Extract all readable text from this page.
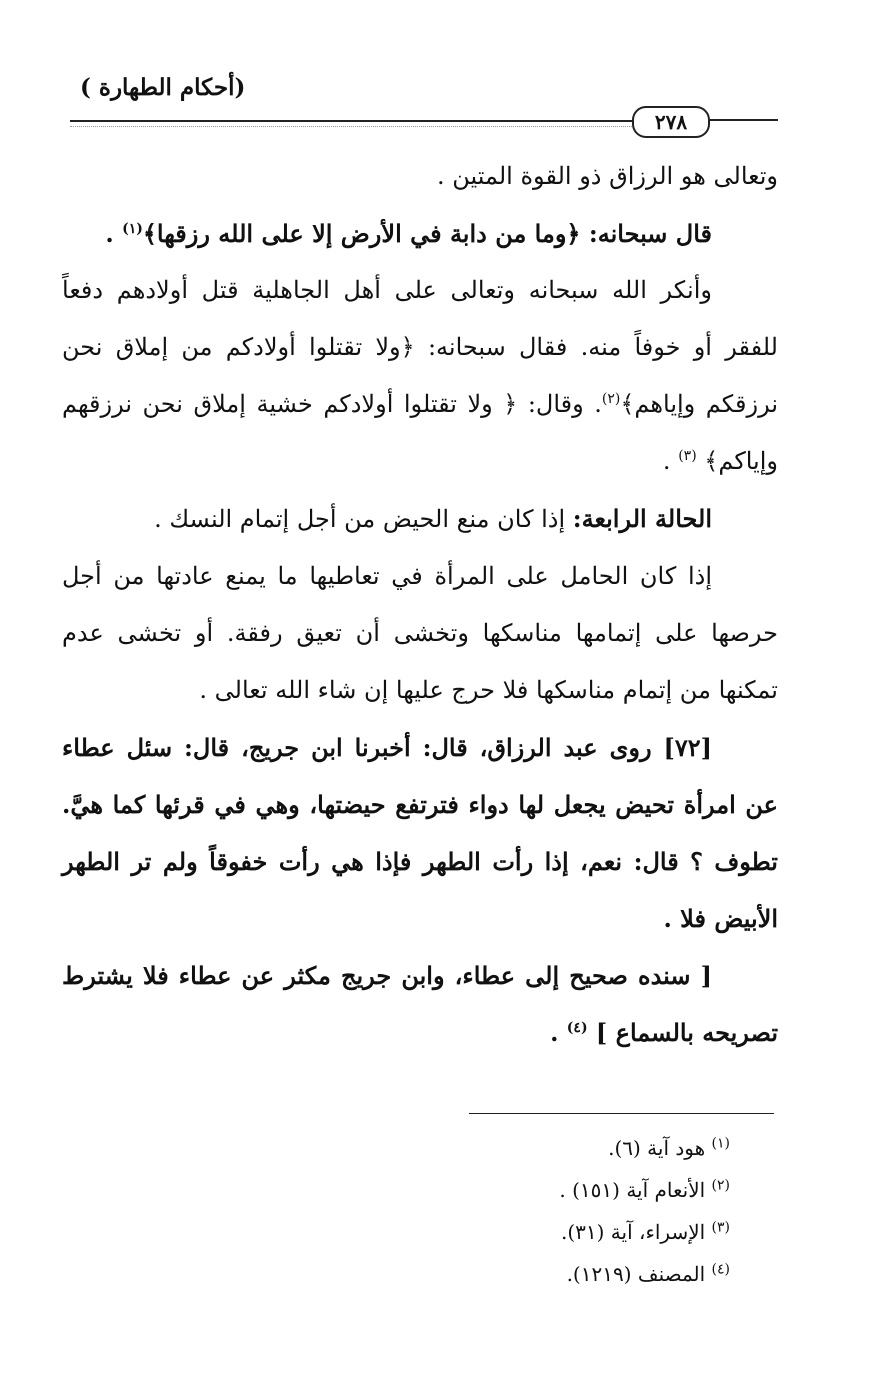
(أحكام الطهارة )
٢٧٨

وتعالى هو الرزاق ذو القوة المتين .

قال سبحانه: ﴿وما من دابة في الأرض إلا على الله رزقها﴾$^{(١)}$ .

وأنكر الله سبحانه وتعالى على أهل الجاهلية قتل أولادهم دفعاً للفقر أو خوفاً منه. فقال سبحانه: ﴿ولا تقتلوا أولادكم من إملاق نحن نرزقكم وإياهم﴾$^{(٢)}$. وقال: ﴿ ولا تقتلوا أولادكم خشية إملاق نحن نرزقهم وإياكم﴾ $^{(٣)}$ .

الحالة الرابعة: إذا كان منع الحيض من أجل إتمام النسك .

إذا كان الحامل على المرأة في تعاطيها ما يمنع عادتها من أجل حرصها على إتمامها مناسكها وتخشى أن تعيق رفقة. أو تخشى عدم تمكنها من إتمام مناسكها فلا حرج عليها إن شاء الله تعالى .

[٧٢] روى عبد الرزاق، قال: أخبرنا ابن جريج، قال: سئل عطاء عن امرأة تحيض يجعل لها دواء فترتفع حيضتها، وهي في قرئها كما هيَّ. تطوف ؟ قال: نعم، إذا رأت الطهر فإذا هي رأت خفوقاً ولم تر الطهر الأبيض فلا .

[ سنده صحيح إلى عطاء، وابن جريج مكثر عن عطاء فلا يشترط تصريحه بالسماع ] $^{(٤)}$ .

$^{(١)}$ هود آية (٦).
$^{(٢)}$ الأنعام آية (١٥١) .
$^{(٣)}$ الإسراء، آية (٣١).
$^{(٤)}$ المصنف (١٢١٩).
